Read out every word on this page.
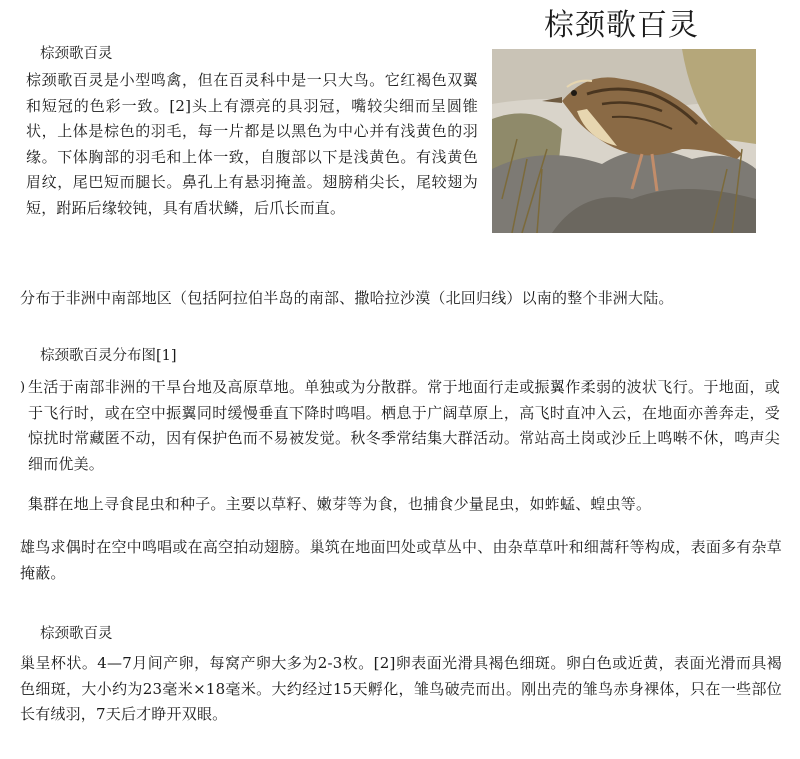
棕颈歌百灵
棕颈歌百灵

棕颈歌百灵是小型鸣禽，但在百灵科中是一只大鸟。它红褐色双翼和短冠的色彩一致。[2]头上有漂亮的具羽冠，嘴较尖细而呈圆锥状，上体是棕色的羽毛，每一片都是以黑色为中心并有浅黄色的羽缘。下体胸部的羽毛和上体一致，自腹部以下是浅黄色。有浅黄色眉纹，尾巴短而腿长。鼻孔上有悬羽掩盖。翅膀稍尖长，尾较翅为短，跗跖后缘较钝，具有盾状鳞，后爪长而直。

分布于非洲中南部地区（包括阿拉伯半岛的南部、撒哈拉沙漠（北回归线）以南的整个非洲大陆。

棕颈歌百灵分布图[1]
) 生活于南部非洲的干旱台地及高原草地。单独或为分散群。常于地面行走或振翼作柔弱的波状飞行。于地面，或于飞行时，或在空中振翼同时缓慢垂直下降时鸣唱。栖息于广阔草原上，高飞时直冲入云，在地面亦善奔走，受惊扰时常藏匿不动，因有保护色而不易被发觉。秋冬季常结集大群活动。常站高土岗或沙丘上鸣啭不休，鸣声尖细而优美。

集群在地上寻食昆虫和种子。主要以草籽、嫩芽等为食，也捕食少量昆虫，如蚱蜢、蝗虫等。

雄鸟求偶时在空中鸣唱或在高空拍动翅膀。巢筑在地面凹处或草丛中、由杂草草叶和细蒿秆等构成，表面多有杂草掩蔽。

棕颈歌百灵

巢呈杯状。4—7月间产卵，每窝产卵大多为2-3枚。[2]卵表面光滑具褐色细斑。卵白色或近黄，表面光滑而具褐色细斑，大小约为23毫米×18毫米。大约经过15天孵化，雏鸟破壳而出。刚出壳的雏鸟赤身裸体，只在一些部位长有绒羽，7天后才睁开双眼。
